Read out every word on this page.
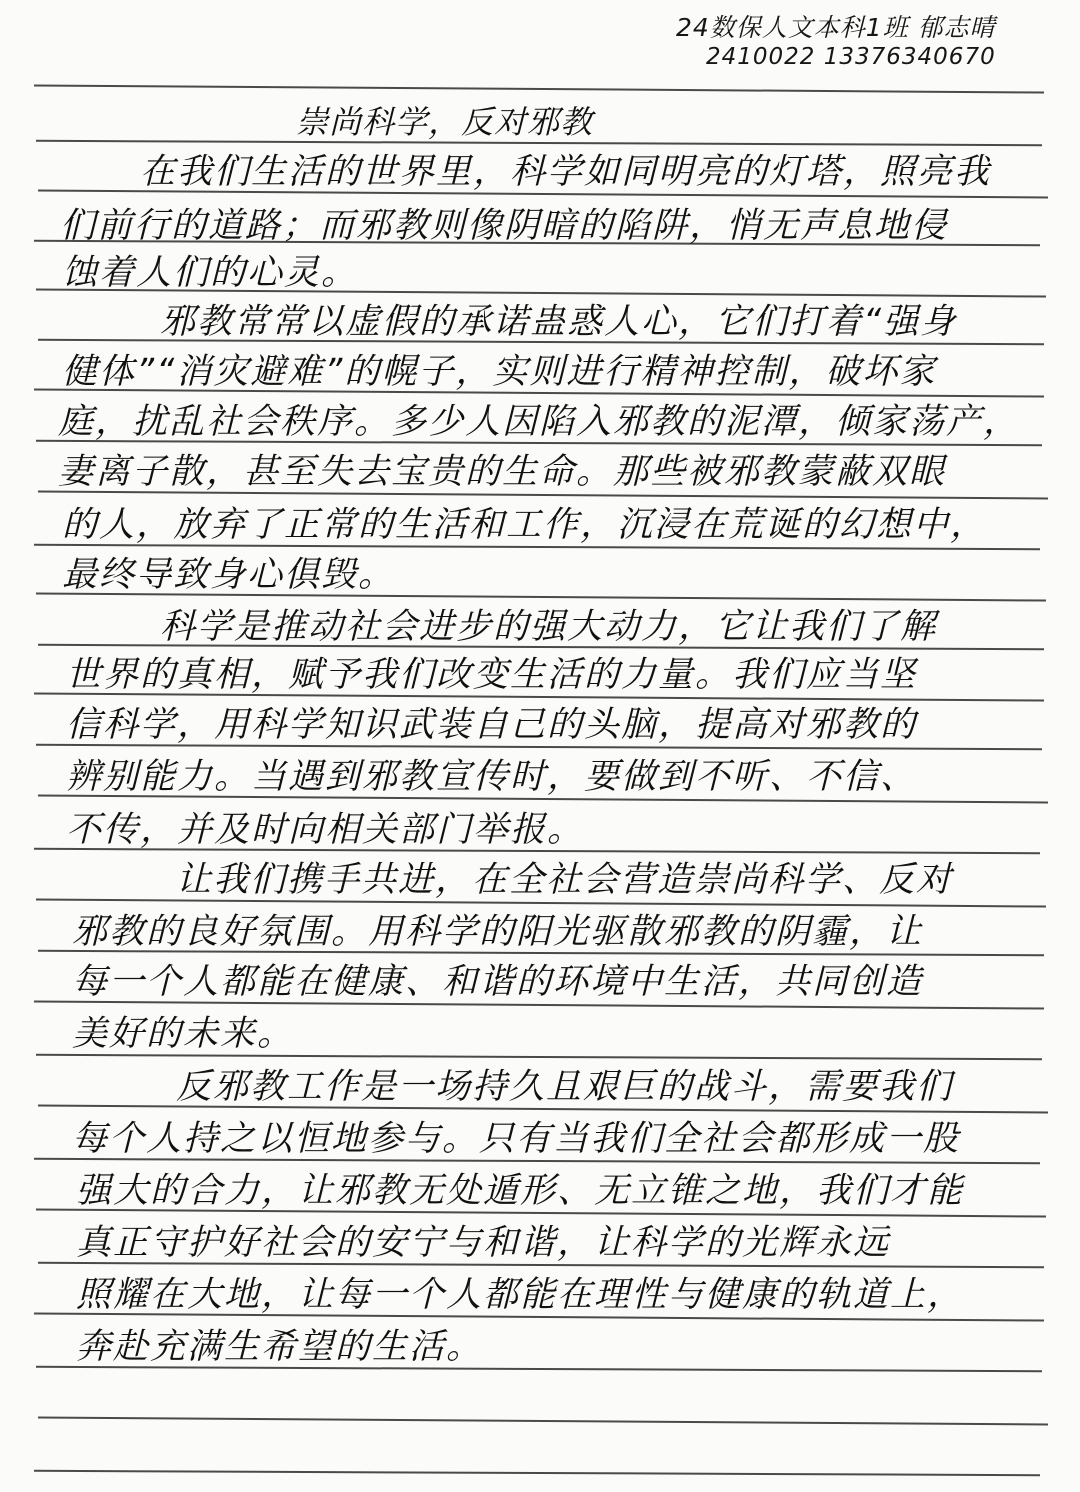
24数保人文本科1班 郁志晴
2410022 13376340670
崇尚科学，反对邪教
在我们生活的世界里，科学如同明亮的灯塔，照亮我
们前行的道路；而邪教则像阴暗的陷阱，悄无声息地侵
蚀着人们的心灵。
邪教常常以虚假的承诺蛊惑人心，它们打着“强身
健体”“消灾避难”的幌子，实则进行精神控制，破坏家
庭，扰乱社会秩序。多少人因陷入邪教的泥潭，倾家荡产，
妻离子散，甚至失去宝贵的生命。那些被邪教蒙蔽双眼
的人，放弃了正常的生活和工作，沉浸在荒诞的幻想中，
最终导致身心俱毁。
科学是推动社会进步的强大动力，它让我们了解
世界的真相，赋予我们改变生活的力量。我们应当坚
信科学，用科学知识武装自己的头脑，提高对邪教的
辨别能力。当遇到邪教宣传时，要做到不听、不信、
不传，并及时向相关部门举报。
让我们携手共进，在全社会营造崇尚科学、反对
邪教的良好氛围。用科学的阳光驱散邪教的阴霾，让
每一个人都能在健康、和谐的环境中生活，共同创造
美好的未来。
反邪教工作是一场持久且艰巨的战斗，需要我们
每个人持之以恒地参与。只有当我们全社会都形成一股
强大的合力，让邪教无处遁形、无立锥之地，我们才能
真正守护好社会的安宁与和谐，让科学的光辉永远
照耀在大地，让每一个人都能在理性与健康的轨道上，
奔赴充满生希望的生活。
